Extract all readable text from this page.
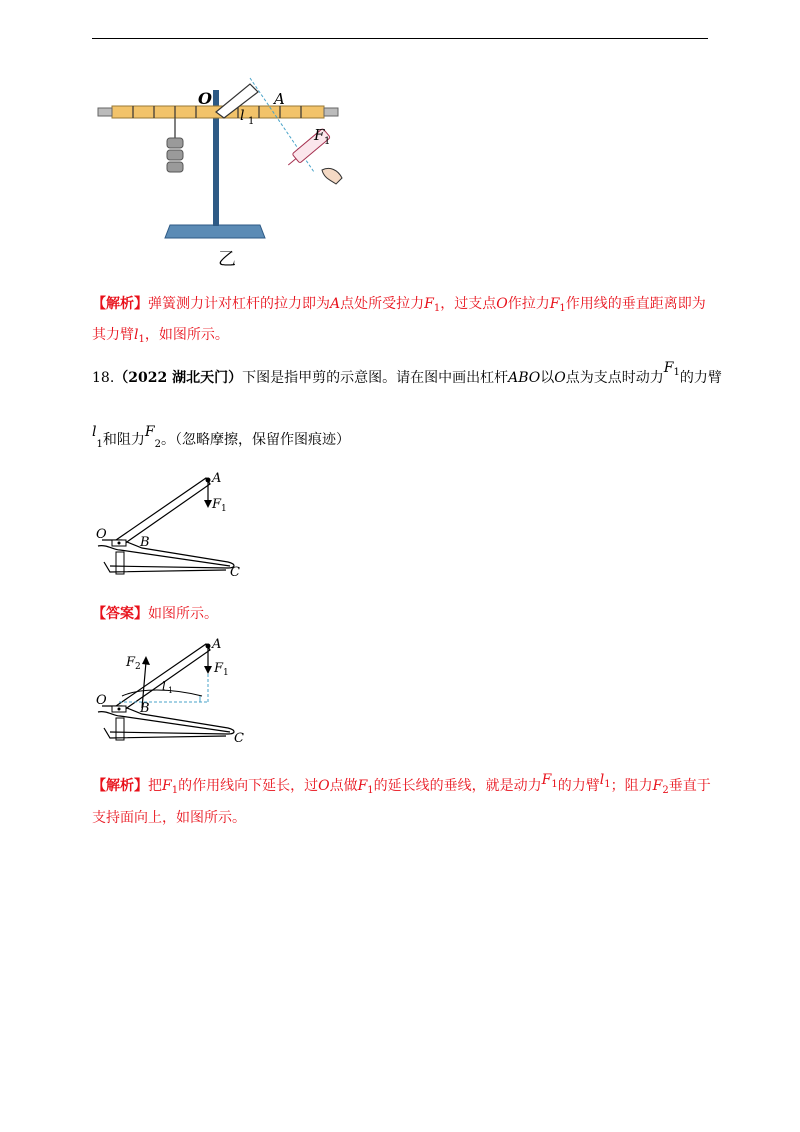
O	A
l 1
F 1
乙
【解析】弹簧测力计对杠杆的拉力即为A点处所受拉力$F_1$，过支点O作拉力$F_1$作用线的垂直距离即为
其力臂$l_1$，如图所示。
18.（2022 湖北天门）下图是指甲剪的示意图。请在图中画出杠杆ABO以O点为支点时动力$F_1$的力臂
$l_1$和阻力$F_2$。（忽略摩擦，保留作图痕迹）
A
F 1
O
B
C
【答案】如图所示。
A
F 1
F 2
l 1
O
B
C
【解析】把$F_1$的作用线向下延长，过O点做$F_1$的延长线的垂线，就是动力$F_1$的力臂$l_1$；阻力$F_2$垂直于
支持面向上，如图所示。
